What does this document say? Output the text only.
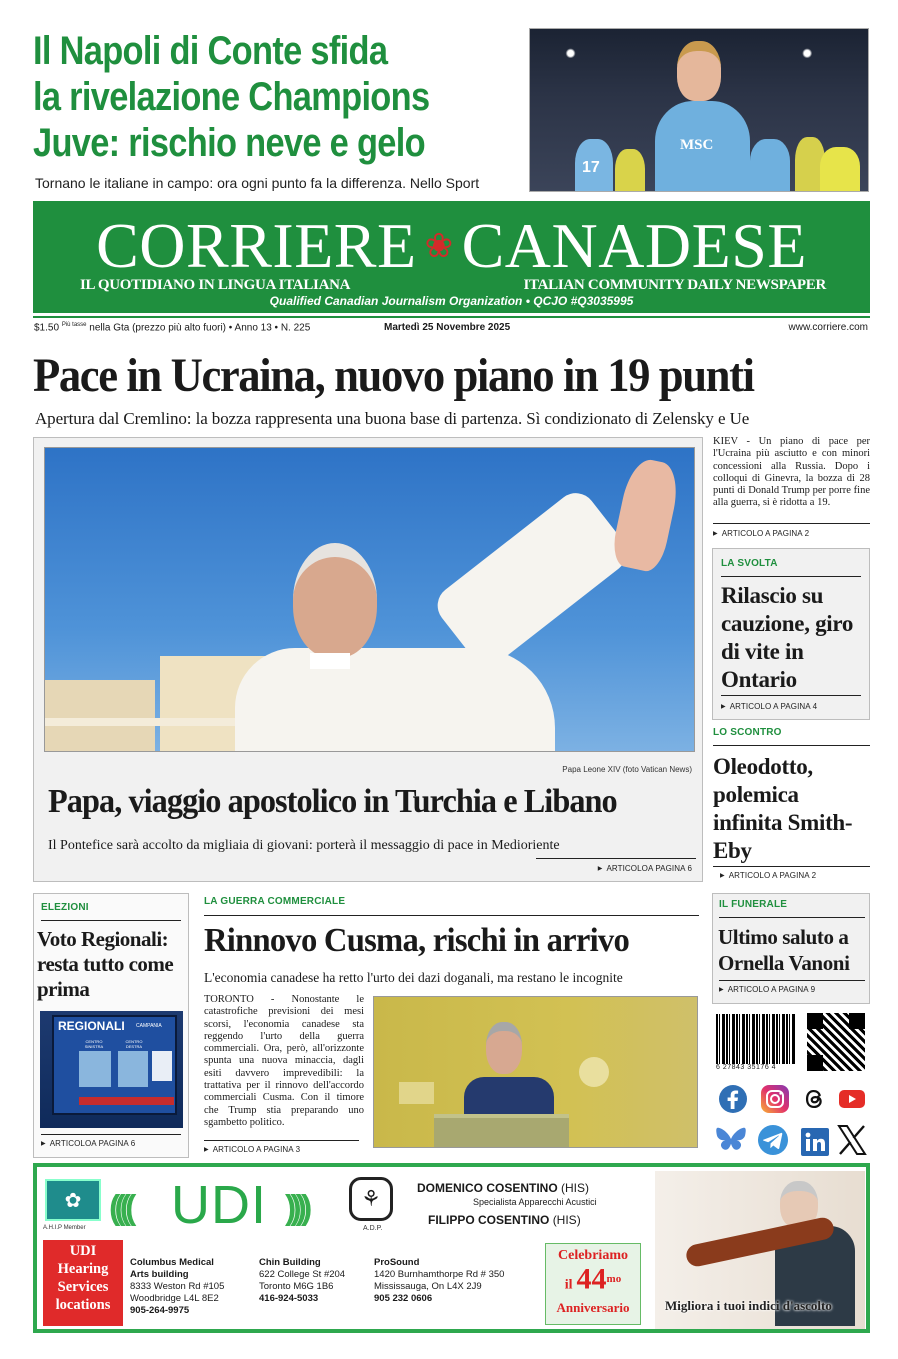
Il Napoli di Conte sfida
la rivelazione Champions
Juve: rischio neve e gelo
Tornano le italiane in campo: ora ogni punto fa la differenza. Nello Sport
17
MSC
CORRIERE ❀ CANADESE
IL QUOTIDIANO IN LINGUA ITALIANA	ITALIAN COMMUNITY DAILY NEWSPAPER
Qualified Canadian Journalism Organization • QCJO #Q3035995
$1.50 $^{Più tasse}$ nella Gta (prezzo più alto fuori) • Anno 13 • N. 225	Martedì 25 Novembre 2025	www.corriere.com
Pace in Ucraina, nuovo piano in 19 punti
Apertura dal Cremlino: la bozza rappresenta una buona base di partenza. Sì condizionato di Zelensky e Ue
Papa Leone XIV (foto Vatican News)
Papa, viaggio apostolico in Turchia e Libano
Il Pontefice sarà accolto da migliaia di giovani: porterà il messaggio di pace in Medioriente
▶ ARTICOLOA PAGINA 6
KIEV - Un piano di pace per l'Ucraina più asciutto e con minori concessioni alla Russia. Dopo i colloqui di Ginevra, la bozza di 28 punti di Donald Trump per porre fine alla guerra, si è ridotta a 19.
▶ ARTICOLO A PAGINA 2
LA SVOLTA
Rilascio su cauzione, giro di vite in Ontario
▶ ARTICOLO A PAGINA 4
LO SCONTRO
Oleodotto, polemica infinita Smith-Eby
▶ ARTICOLO A PAGINA 2
ELEZIONI
Voto Regionali: resta tutto come prima
REGIONALI CAMPANIA
CENTRO SINISTRA
CENTRO DESTRA
▶ ARTICOLOA PAGINA 6
LA GUERRA COMMERCIALE
Rinnovo Cusma, rischi in arrivo
L'economia canadese ha retto l'urto dei dazi doganali, ma restano le incognite
TORONTO - Nonostante le catastrofiche previsioni dei mesi scorsi, l'economia canadese sta reggendo l'urto della guerra commerciali. Ora, però, all'orizzonte spunta una nuova minaccia, dagli esiti davvero imprevedibili: la trattativa per il rinnovo dell'accordo commerciali Cusma. Con il timore che Trump stia preparando uno sgambetto politico.
▶ ARTICOLO A PAGINA 3
IL FUNERALE
Ultimo saluto a Ornella Vanoni
▶ ARTICOLO A PAGINA 9
6 27843 35176 4
✿
A.H.I.P Member
(((( UDI ))))	⚘
A.D.P.
DOMENICO COSENTINO (HIS)
Specialista Apparecchi Acustici
FILIPPO COSENTINO (HIS)
UDI
Hearing
Services
locations
Columbus Medical
Arts building
8333 Weston Rd #105
Woodbridge L4L 8E2
905-264-9975
Chin Building
622 College St #204
Toronto M6G 1B6
416-924-5033
ProSound
1420 Burnhamthorpe Rd # 350
Mississauga, On L4X 2J9
905 232 0606
Celebriamo
il $44^{mo}$
Anniversario	Migliora i tuoi indici d'ascolto
